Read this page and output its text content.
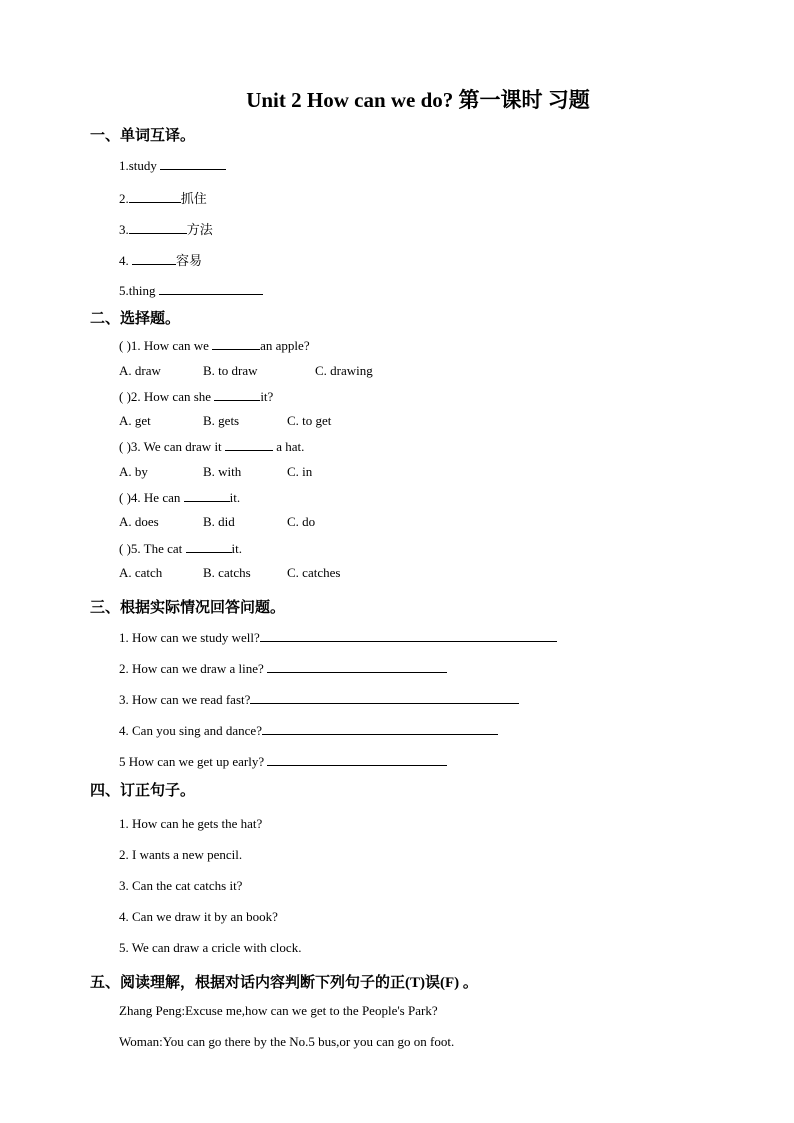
Unit 2 How can we do? 第一课时 习题
一、单词互译。
1.study
2.	抓住
3.	方法
4.	容易
5.thing
二、选择题。
( )1. How can we	an apple?
A. draw	B. to draw	C. drawing
( )2. How can she	it?
A. get	B. gets	C. to get
( )3. We can draw it	a hat.
A. by	B. with	C. in
( )4. He can	it.
A. does	B. did	C. do
( )5. The cat	it.
A. catch	B. catchs	C. catches
三、根据实际情况回答问题。
1. How can we study well?
2. How can we draw a line?
3. How can we read fast?
4. Can you sing and dance?
5 How can we get up early?
四、订正句子。
1. How can he gets the hat?
2. I wants a new pencil.
3. Can the cat catchs it?
4. Can we draw it by an book?
5. We can draw a cricle with clock.
五、阅读理解，根据对话内容判断下列句子的正(T)误(F) 。
Zhang Peng:Excuse me,how can we get to the People's Park?
Woman:You can go there by the No.5 bus,or you can go on foot.
